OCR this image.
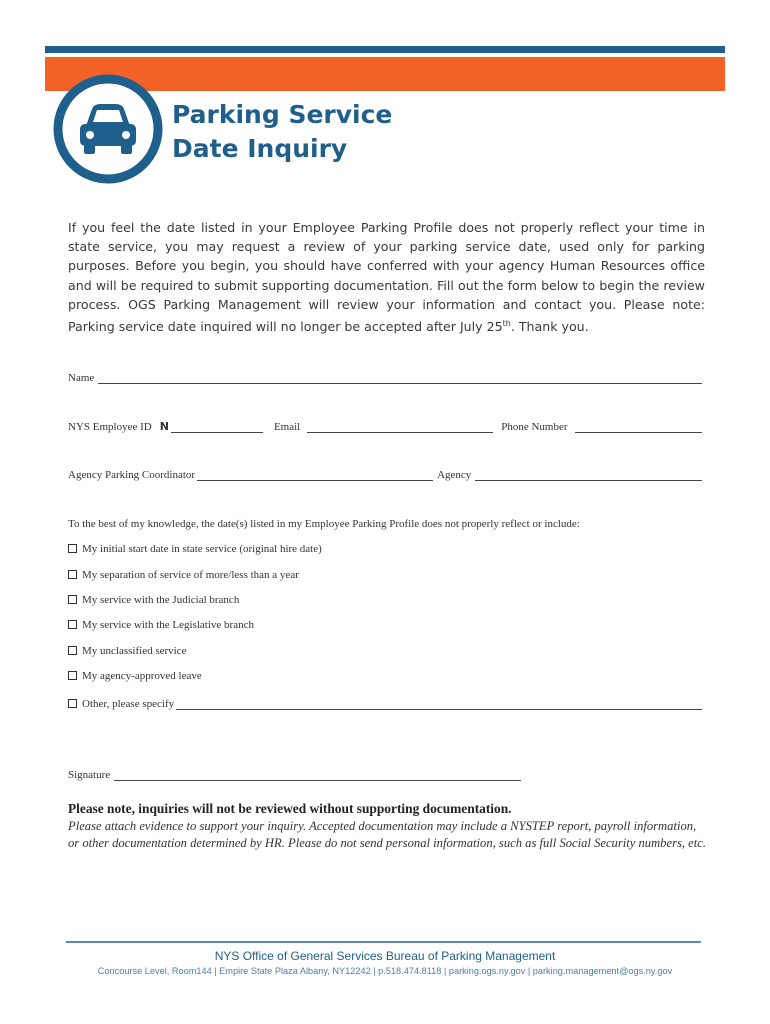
Parking Service
Date Inquiry
If you feel the date listed in your Employee Parking Profile does not properly reflect your time in state service, you may request a review of your parking service date, used only for parking purposes. Before you begin, you should have conferred with your agency Human Resources office and will be required to submit supporting documentation. Fill out the form below to begin the review process. OGS Parking Management will review your information and contact you. Please note: Parking service date inquired will no longer be accepted after July 25th. Thank you.
Name
NYS Employee ID N	Email	Phone Number
Agency Parking Coordinator	Agency
To the best of my knowledge, the date(s) listed in my Employee Parking Profile does not properly reflect or include:
My initial start date in state service (original hire date)
My separation of service of more/less than a year
My service with the Judicial branch
My service with the Legislative branch
My unclassified service
My agency-approved leave
Other, please specify
Signature
Please note, inquiries will not be reviewed without supporting documentation.
Please attach evidence to support your inquiry. Accepted documentation may include a NYSTEP report, payroll information, or other documentation determined by HR. Please do not send personal information, such as full Social Security numbers, etc.
NYS Office of General Services Bureau of Parking Management
Concourse Level, Room144 | Empire State Plaza Albany, NY12242 | p.518.474.8118 | parking.ogs.ny.gov | parking.management@ogs.ny.gov
